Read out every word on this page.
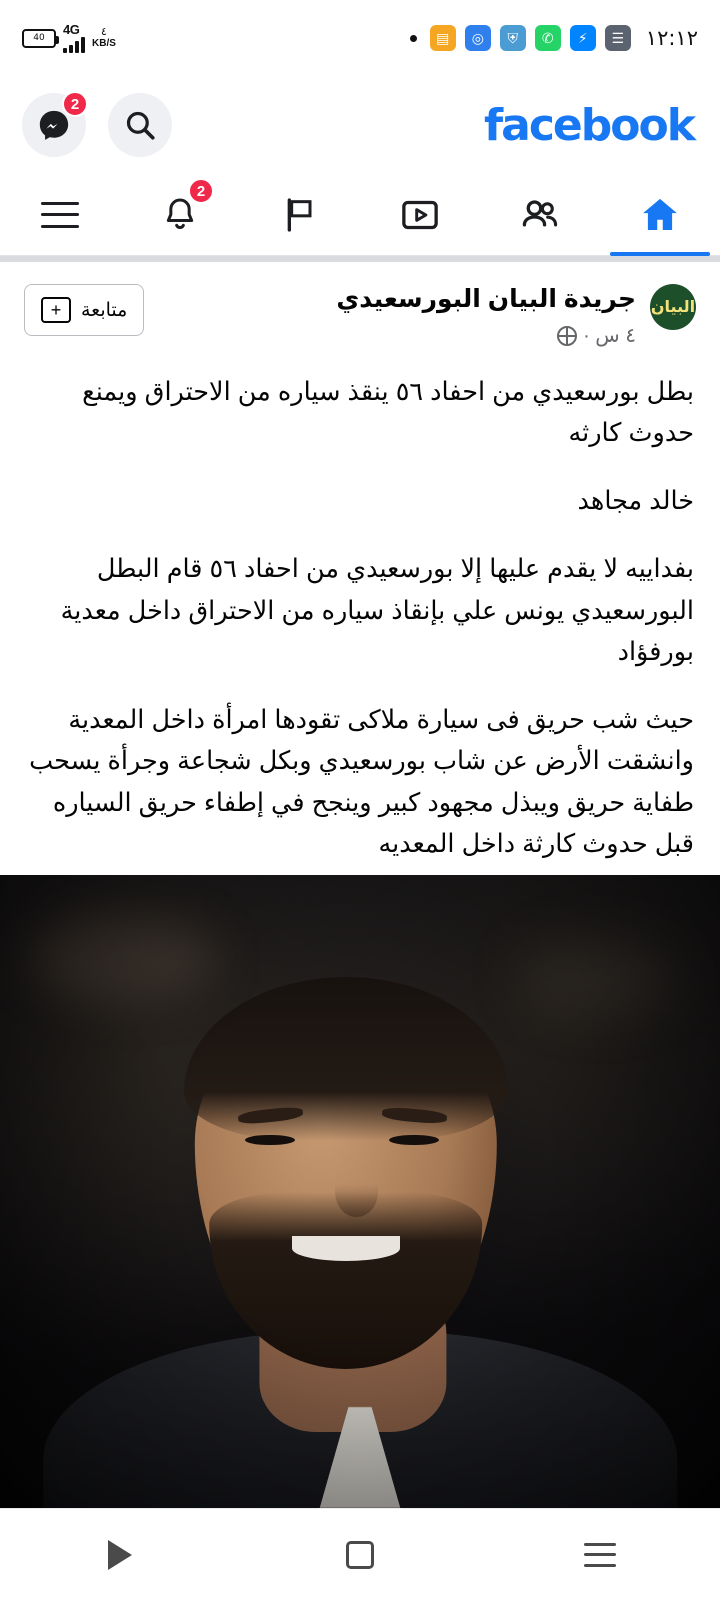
40
4G ٤
KB/S	▤	◎	⛨	✆	⚡	☰	١٢:١٢
2	facebook
2
البيان
جريدة البيان البورسعيدي
٤ س ·
متابعة
+

بطل بورسعيدي من احفاد ٥٦ ينقذ سياره من الاحتراق ويمنع حدوث كارثه

خالد مجاهد

بفداييه لا يقدم عليها إلا بورسعيدي من احفاد ٥٦ قام البطل البورسعيدي يونس علي بإنقاذ سياره من الاحتراق داخل معدية بورفؤاد

حيث شب حريق فى سيارة ملاكى تقودها امرأة داخل المعدية وانشقت الأرض عن شاب بورسعيدي وبكل شجاعة وجرأة يسحب طفاية حريق ويبذل مجهود كبير وينجح في إطفاء حريق السياره قبل حدوث كارثة داخل المعديه
